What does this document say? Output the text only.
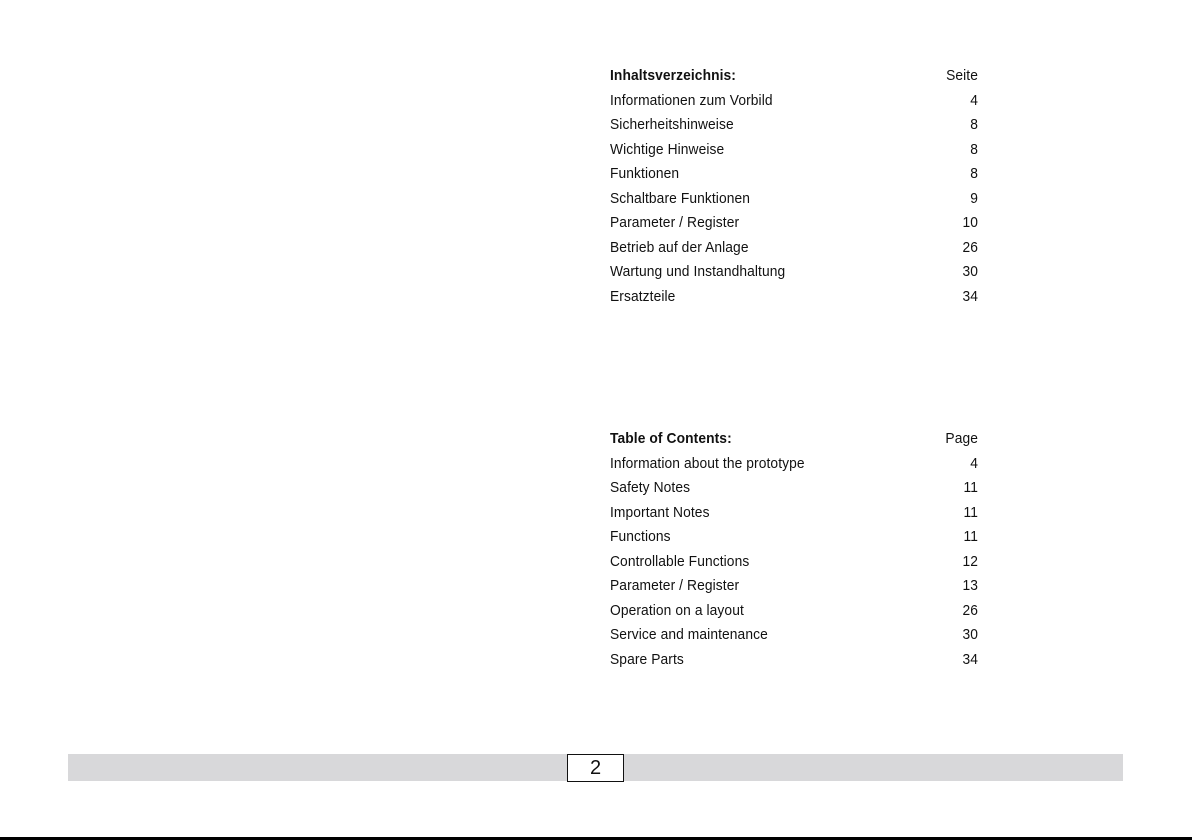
Inhaltsverzeichnis:	Seite
Informationen zum Vorbild	4
Sicherheitshinweise	8
Wichtige Hinweise	8
Funktionen	8
Schaltbare Funktionen	9
Parameter / Register	10
Betrieb auf der Anlage	26
Wartung und Instandhaltung	30
Ersatzteile	34
Table of Contents:	Page
Information about the prototype	4
Safety Notes	11
Important Notes	11
Functions	11
Controllable Functions	12
Parameter / Register	13
Operation on a layout	26
Service and maintenance	30
Spare Parts	34
2
